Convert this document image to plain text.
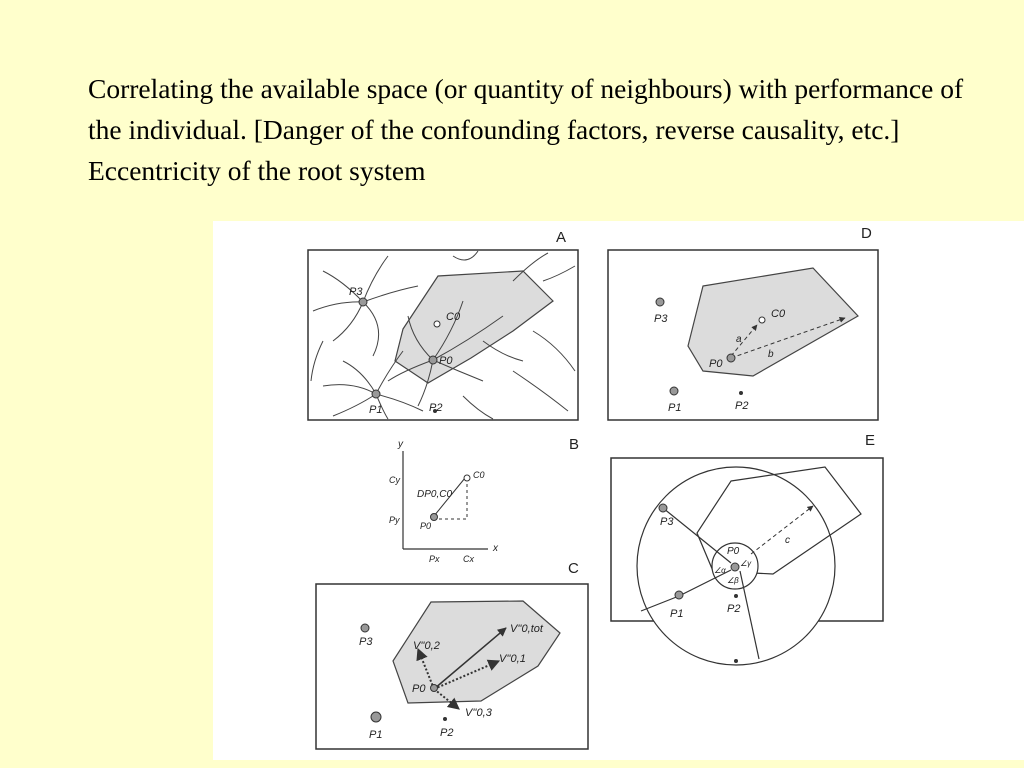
Correlating the available space (or quantity of neighbours) with performance of the individual. [Danger of the confounding factors, reverse causality, etc.] Eccentricity of the root system
A
P3
C0
P0
P1	P2
D
P3	C0
a
b
P0
P1	P2
B
y
x
Cy
Py
Px	Cx
DP0,C0
C0
P0
E
P3
P0
∠α
∠γ
∠β
c
P1	P2
C
V''0,2
V''0,tot
V''0,1
P3
P0
V''0,3
P1	P2
